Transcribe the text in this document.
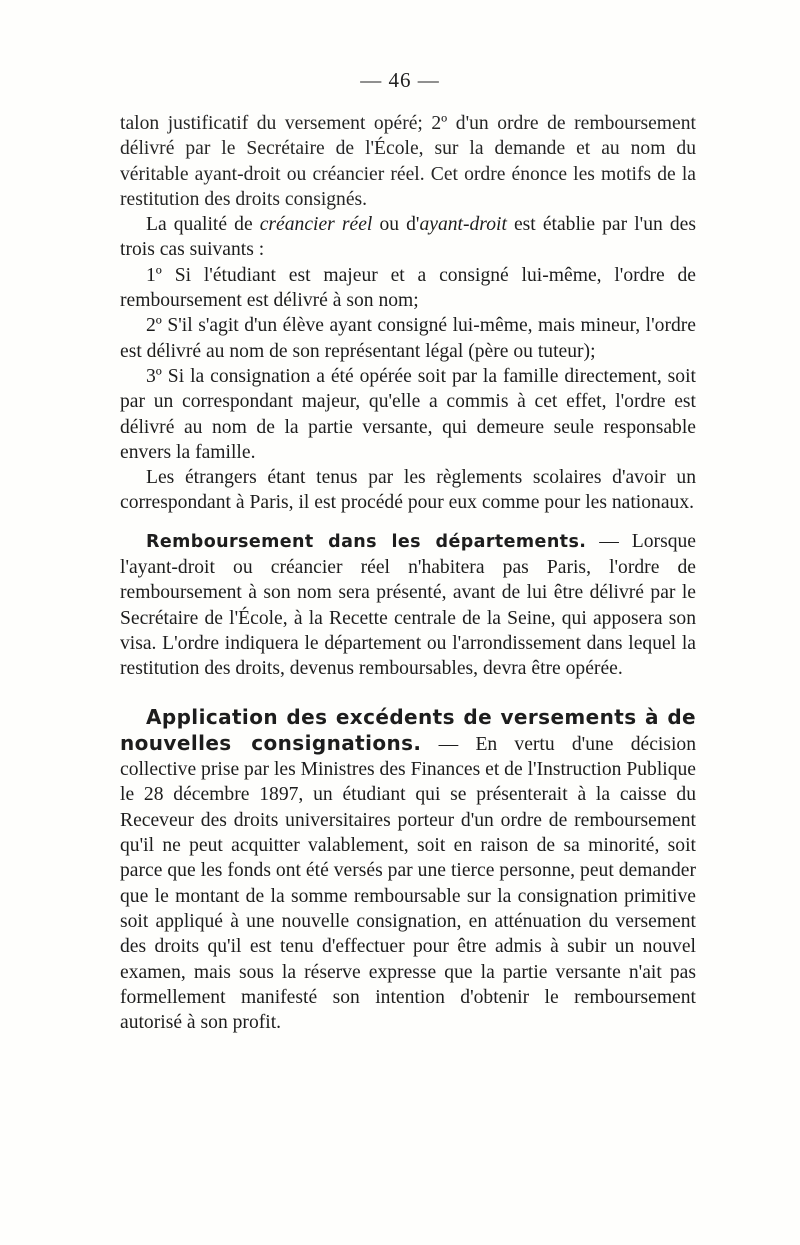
— 46 —

talon justificatif du versement opéré; 2º d'un ordre de remboursement délivré par le Secrétaire de l'École, sur la demande et au nom du véritable ayant-droit ou créancier réel. Cet ordre énonce les motifs de la restitution des droits consignés.

La qualité de créancier réel ou d'ayant-droit est établie par l'un des trois cas suivants :

1º Si l'étudiant est majeur et a consigné lui-même, l'ordre de remboursement est délivré à son nom;

2º S'il s'agit d'un élève ayant consigné lui-même, mais mineur, l'ordre est délivré au nom de son représentant légal (père ou tuteur);

3º Si la consignation a été opérée soit par la famille directement, soit par un correspondant majeur, qu'elle a commis à cet effet, l'ordre est délivré au nom de la partie versante, qui demeure seule responsable envers la famille.

Les étrangers étant tenus par les règlements scolaires d'avoir un correspondant à Paris, il est procédé pour eux comme pour les nationaux.

Remboursement dans les départements. — Lorsque l'ayant-droit ou créancier réel n'habitera pas Paris, l'ordre de remboursement à son nom sera présenté, avant de lui être délivré par le Secrétaire de l'École, à la Recette centrale de la Seine, qui apposera son visa. L'ordre indiquera le département ou l'arrondissement dans lequel la restitution des droits, devenus remboursables, devra être opérée.

Application des excédents de versements à de nouvelles consignations. — En vertu d'une décision collective prise par les Ministres des Finances et de l'Instruction Publique le 28 décembre 1897, un étudiant qui se présenterait à la caisse du Receveur des droits universitaires porteur d'un ordre de remboursement qu'il ne peut acquitter valablement, soit en raison de sa minorité, soit parce que les fonds ont été versés par une tierce personne, peut demander que le montant de la somme remboursable sur la consignation primitive soit appliqué à une nouvelle consignation, en atténuation du versement des droits qu'il est tenu d'effectuer pour être admis à subir un nouvel examen, mais sous la réserve expresse que la partie versante n'ait pas formellement manifesté son intention d'obtenir le remboursement autorisé à son profit.
